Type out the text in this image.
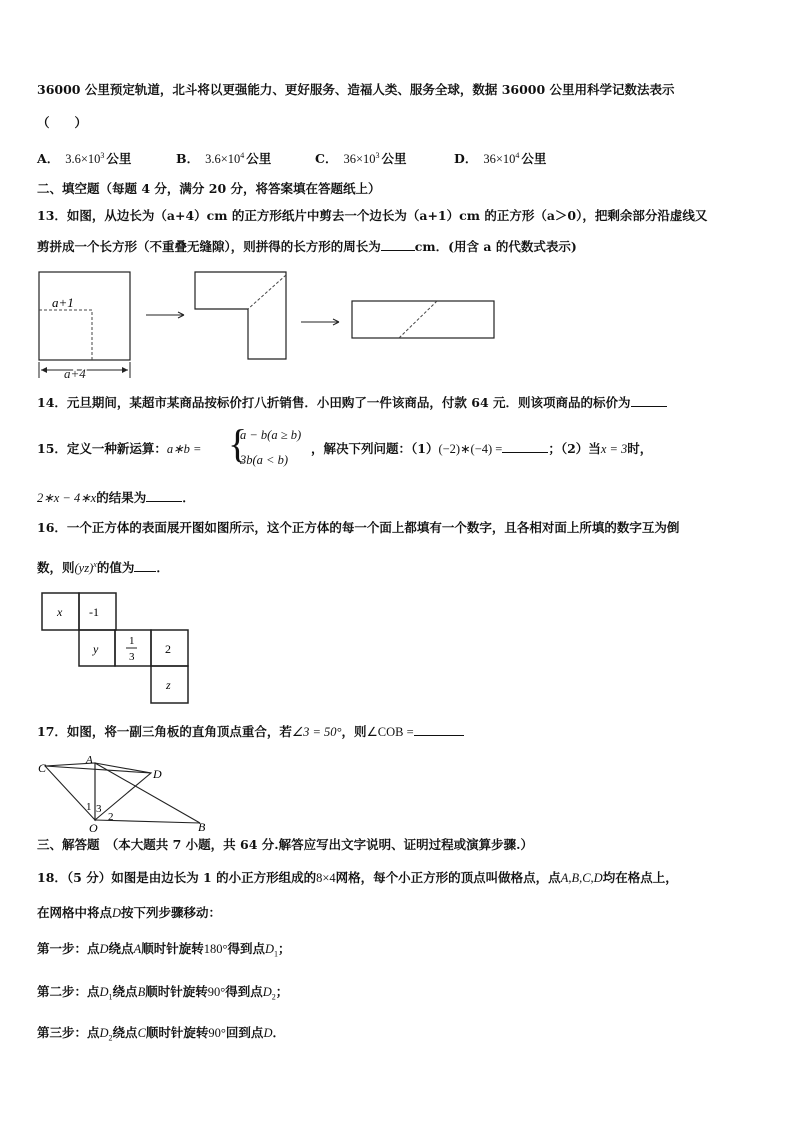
36000 公里预定轨道，北斗将以更强能力、更好服务、造福人类、服务全球，数据 36000 公里用科学记数法表示
（　　）
A． $3.6\times 10^3$ 公里	B． $3.6\times 10^4$ 公里	C． $36\times 10^3$ 公里	D． $36\times 10^4$ 公里
二、填空题（每题 4 分，满分 20 分，将答案填在答题纸上）
13．如图，从边长为（a+4）cm 的正方形纸片中剪去一个边长为（a+1）cm 的正方形（a＞0），把剩余部分沿虚线又
剪拼成一个长方形（不重叠无缝隙），则拼得的长方形的周长为	cm．(用含 a 的代数式表示)
a+1
a+4
14．元旦期间，某超市某商品按标价打八折销售．小田购了一件该商品，付款 64 元．则该项商品的标价为
15．定义一种新运算：a∗b = {
a − b(a ≥ b)
3b(a < b)
，解决下列问题：（1）(−2)∗(−4) =	；（2）当x = 3时，
2∗x − 4∗x的结果为	．
16．一个正方体的表面展开图如图所示，这个正方体的每一个面上都填有一个数字，且各相对面上所填的数字互为倒
数，则(yz)$^x$的值为 ．
x -1
y
1
3
2
z
17．如图，将一副三角板的直角顶点重合，若∠3 = 50°，则∠COB =
C
A
D
O	B
1 3
2
三、解答题　（本大题共 7 小题，共 64 分.解答应写出文字说明、证明过程或演算步骤.）
18．（5 分）如图是由边长为 1 的小正方形组成的8×4网格，每个小正方形的顶点叫做格点，点A,B,C,D均在格点上，
在网格中将点D按下列步骤移动：
第一步：点D绕点A顺时针旋转180°得到点$D_1$；
第二步：点$D_1$绕点B顺时针旋转90°得到点$D_2$；
第三步：点$D_2$绕点C顺时针旋转90°回到点D．
